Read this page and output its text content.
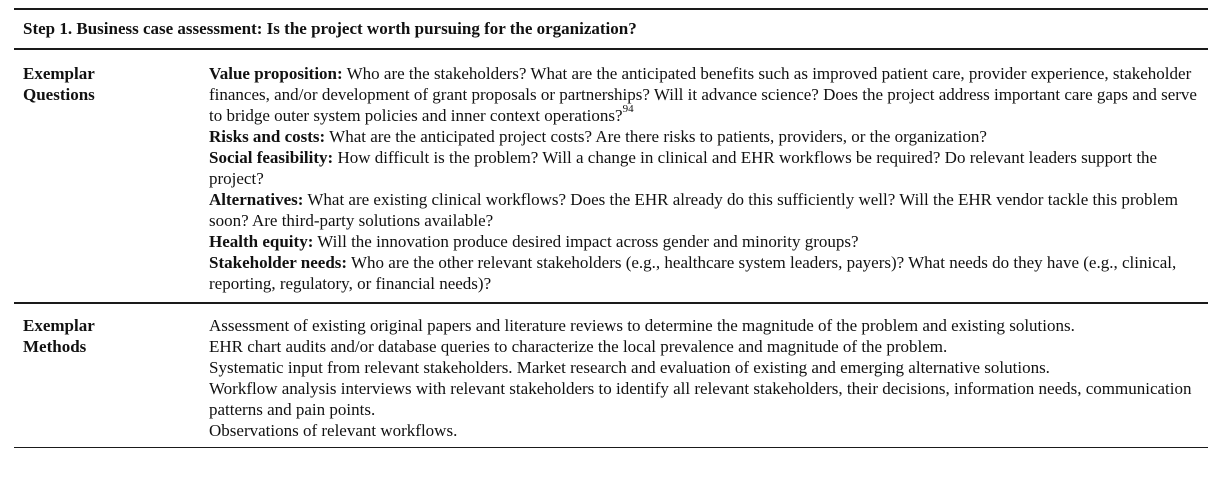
Step 1. Business case assessment: Is the project worth pursuing for the organization?
Exemplar
Questions

Value proposition: Who are the stakeholders? What are the anticipated benefits such as improved patient care, provider experience, stakeholder finances, and/or development of grant proposals or partnerships? Will it advance science? Does the project address important care gaps and serve to bridge outer system policies and inner context operations?$^{94}$

Risks and costs: What are the anticipated project costs? Are there risks to patients, providers, or the organization?

Social feasibility: How difficult is the problem? Will a change in clinical and EHR workflows be required? Do relevant leaders support the project?

Alternatives: What are existing clinical workflows? Does the EHR already do this sufficiently well? Will the EHR vendor tackle this problem soon? Are third-party solutions available?

Health equity: Will the innovation produce desired impact across gender and minority groups?

Stakeholder needs: Who are the other relevant stakeholders (e.g., healthcare system leaders, payers)? What needs do they have (e.g., clinical, reporting, regulatory, or financial needs)?

Exemplar
Methods

Assessment of existing original papers and literature reviews to determine the magnitude of the problem and existing solutions.

EHR chart audits and/or database queries to characterize the local prevalence and magnitude of the problem.

Systematic input from relevant stakeholders. Market research and evaluation of existing and emerging alternative solutions.

Workflow analysis interviews with relevant stakeholders to identify all relevant stakeholders, their decisions, information needs, communication patterns and pain points.

Observations of relevant workflows.
